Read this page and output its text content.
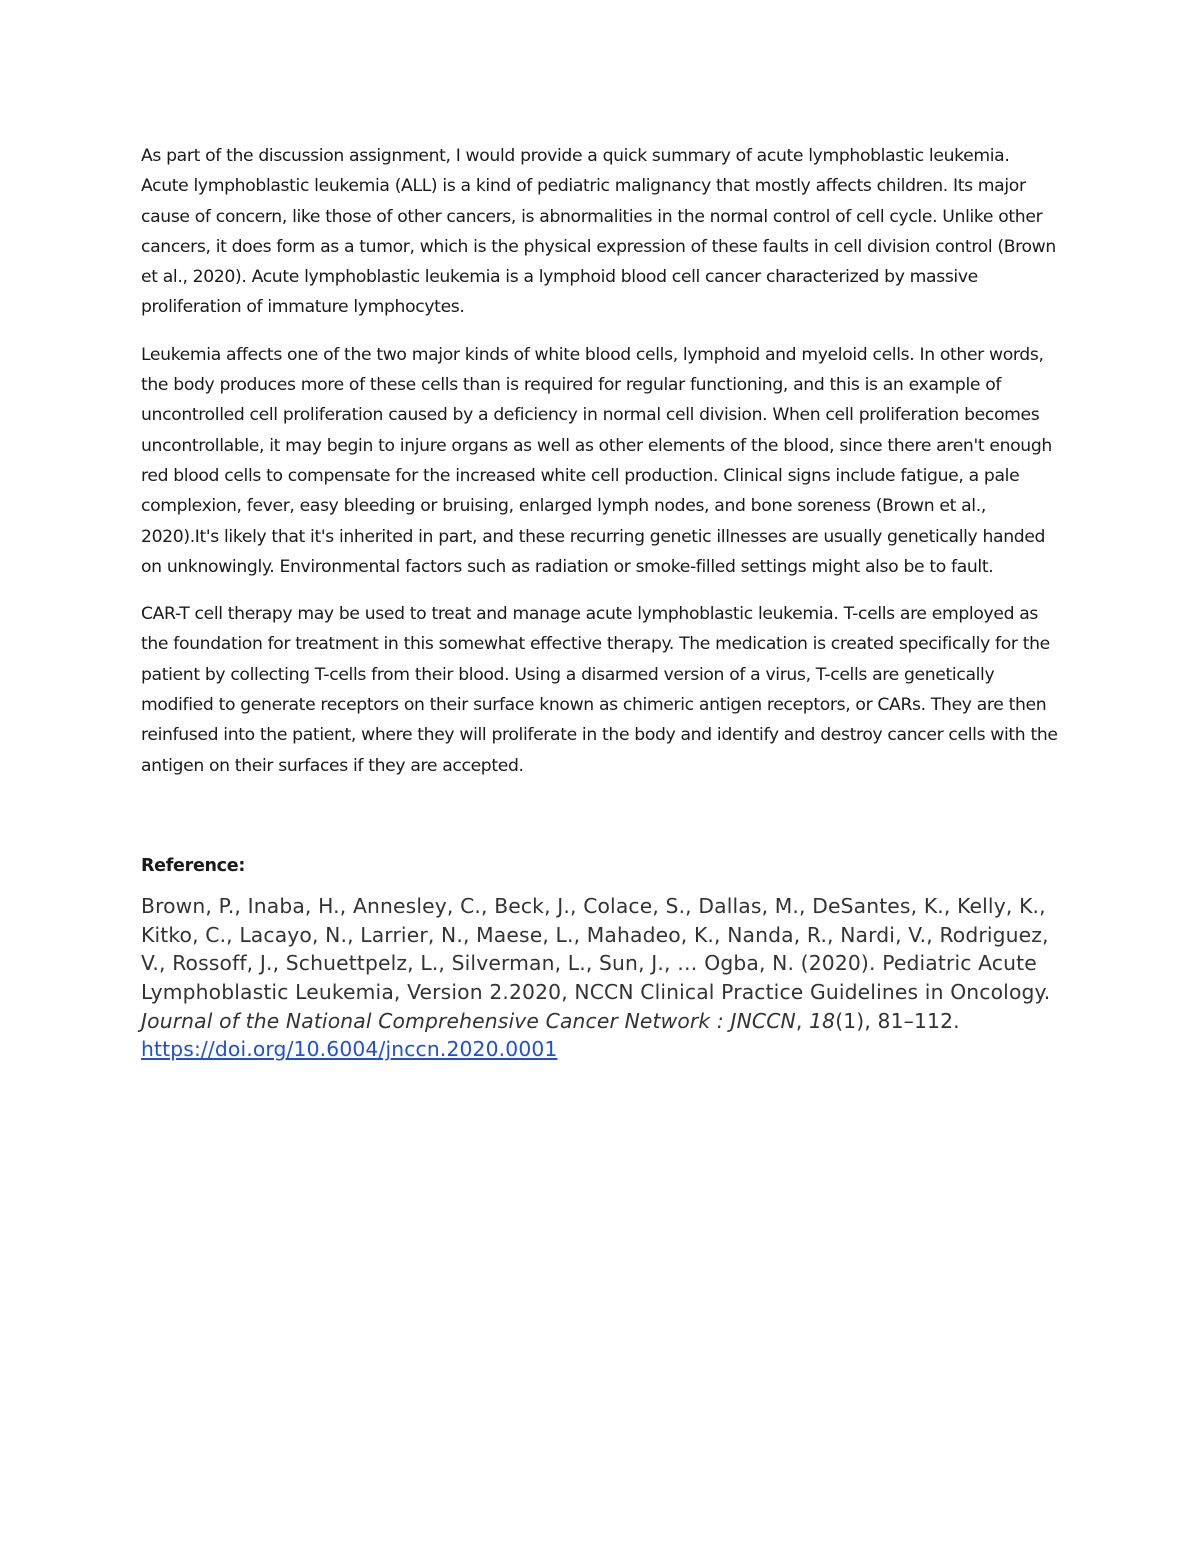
As part of the discussion assignment, I would provide a quick summary of acute lymphoblastic leukemia. Acute lymphoblastic leukemia (ALL) is a kind of pediatric malignancy that mostly affects children. Its major cause of concern, like those of other cancers, is abnormalities in the normal control of cell cycle. Unlike other cancers, it does form as a tumor, which is the physical expression of these faults in cell division control (Brown et al., 2020). Acute lymphoblastic leukemia is a lymphoid blood cell cancer characterized by massive proliferation of immature lymphocytes.

Leukemia affects one of the two major kinds of white blood cells, lymphoid and myeloid cells. In other words, the body produces more of these cells than is required for regular functioning, and this is an example of uncontrolled cell proliferation caused by a deficiency in normal cell division. When cell proliferation becomes uncontrollable, it may begin to injure organs as well as other elements of the blood, since there aren't enough red blood cells to compensate for the increased white cell production. Clinical signs include fatigue, a pale complexion, fever, easy bleeding or bruising, enlarged lymph nodes, and bone soreness (Brown et al., 2020).It's likely that it's inherited in part, and these recurring genetic illnesses are usually genetically handed on unknowingly. Environmental factors such as radiation or smoke-filled settings might also be to fault.

CAR-T cell therapy may be used to treat and manage acute lymphoblastic leukemia. T-cells are employed as the foundation for treatment in this somewhat effective therapy. The medication is created specifically for the patient by collecting T-cells from their blood. Using a disarmed version of a virus, T-cells are genetically modified to generate receptors on their surface known as chimeric antigen receptors, or CARs. They are then reinfused into the patient, where they will proliferate in the body and identify and destroy cancer cells with the antigen on their surfaces if they are accepted.

Reference:

Brown, P., Inaba, H., Annesley, C., Beck, J., Colace, S., Dallas, M., DeSantes, K., Kelly, K., Kitko, C., Lacayo, N., Larrier, N., Maese, L., Mahadeo, K., Nanda, R., Nardi, V., Rodriguez, V., Rossoff, J., Schuettpelz, L., Silverman, L., Sun, J., … Ogba, N. (2020). Pediatric Acute Lymphoblastic Leukemia, Version 2.2020, NCCN Clinical Practice Guidelines in Oncology. Journal of the National Comprehensive Cancer Network : JNCCN, 18(1), 81–112. https://doi.org/10.6004/jnccn.2020.0001
